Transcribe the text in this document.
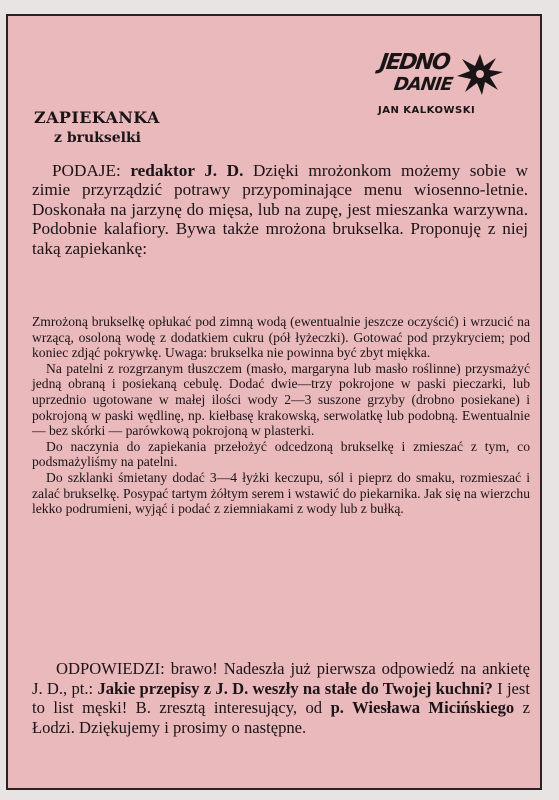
JEDNO
DANIE
JAN KALKOWSKI
ZAPIEKANKA
z brukselki

PODAJE: redaktor J. D. Dzięki mrożonkom możemy sobie w zimie przyrządzić potrawy przypominające menu wiosenno-letnie. Doskonała na jarzynę do mięsa, lub na zupę, jest mieszanka warzywna. Podobnie kalafiory. Bywa także mrożona brukselka. Proponuję z niej taką zapiekankę:

Zmrożoną brukselkę opłukać pod zimną wodą (ewentualnie jeszcze oczyścić) i wrzucić na wrzącą, osoloną wodę z dodatkiem cukru (pół łyżeczki). Gotować pod przykryciem; pod koniec zdjąć pokrywkę. Uwaga: brukselka nie powinna być zbyt miękka.

Na patelni z rozgrzanym tłuszczem (masło, margaryna lub masło roślinne) przysmażyć jedną obraną i posiekaną cebulę. Dodać dwie—trzy pokrojone w paski pieczarki, lub uprzednio ugotowane w małej ilości wody 2—3 suszone grzyby (drobno posiekane) i pokrojoną w paski wędlinę, np. kiełbasę krakowską, serwolatkę lub podobną. Ewentualnie — bez skórki — parówkową pokrojoną w plasterki.

Do naczynia do zapiekania przełożyć odcedzoną brukselkę i zmieszać z tym, co podsmażyliśmy na patelni.

Do szklanki śmietany dodać 3—4 łyżki keczupu, sól i pieprz do smaku, rozmieszać i zalać brukselkę. Posypać tartym żółtym serem i wstawić do piekarnika. Jak się na wierzchu lekko podrumieni, wyjąć i podać z ziemniakami z wody lub z bułką.

ODPOWIEDZI: brawo! Nadeszła już pierwsza odpowiedź na ankietę J. D., pt.: Jakie przepisy z J. D. weszły na stałe do Twojej kuchni? I jest to list męski! B. zresztą interesujący, od p. Wiesława Micińskiego z Łodzi. Dziękujemy i prosimy o następne.
